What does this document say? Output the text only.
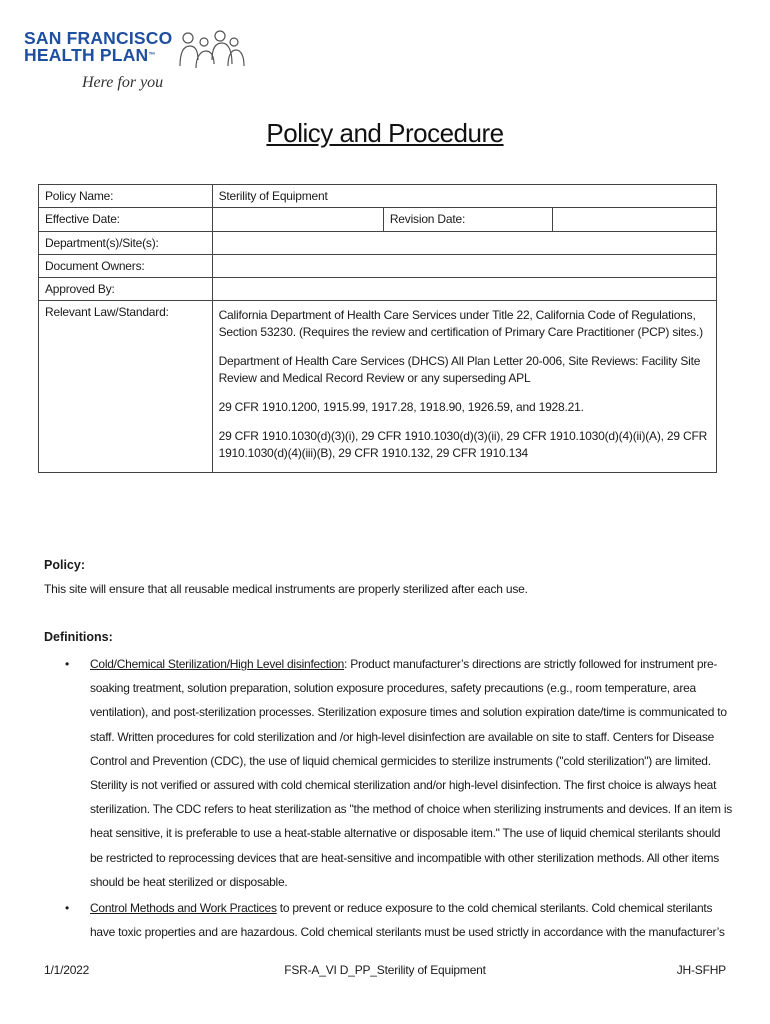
SAN FRANCISCO
HEALTH PLAN™
Here for you
Policy and Procedure
Policy Name:	Sterility of Equipment		
Effective Date:		Revision Date:	
Department(s)/Site(s):			
Document Owners:			
Approved By:			
Relevant Law/Standard:	California Department of Health Care Services under Title 22, California Code of Regulations, Section 53230. (Requires the review and certification of Primary Care Practitioner (PCP) sites.)

Department of Health Care Services (DHCS) All Plan Letter 20-006, Site Reviews: Facility Site Review and Medical Record Review or any superseding APL

29 CFR 1910.1200, 1915.99, 1917.28, 1918.90, 1926.59, and 1928.21.

29 CFR 1910.1030(d)(3)(i), 29 CFR 1910.1030(d)(3)(ii), 29 CFR 1910.1030(d)(4)(ii)(A), 29 CFR 1910.1030(d)(4)(iii)(B), 29 CFR 1910.132, 29 CFR 1910.134		

Policy:
This site will ensure that all reusable medical instruments are properly sterilized after each use.
Definitions:
• Cold/Chemical Sterilization/High Level disinfection: Product manufacturer’s directions are strictly followed for instrument pre-soaking treatment, solution preparation, solution exposure procedures, safety precautions (e.g., room temperature, area ventilation), and post-sterilization processes. Sterilization exposure times and solution expiration date/time is communicated to staff. Written procedures for cold sterilization and /or high-level disinfection are available on site to staff. Centers for Disease Control and Prevention (CDC), the use of liquid chemical germicides to sterilize instruments ("cold sterilization") are limited. Sterility is not verified or assured with cold chemical sterilization and/or high-level disinfection. The first choice is always heat sterilization. The CDC refers to heat sterilization as "the method of choice when sterilizing instruments and devices. If an item is heat sensitive, it is preferable to use a heat-stable alternative or disposable item." The use of liquid chemical sterilants should be restricted to reprocessing devices that are heat-sensitive and incompatible with other sterilization methods. All other items should be heat sterilized or disposable.
• Control Methods and Work Practices to prevent or reduce exposure to the cold chemical sterilants. Cold chemical sterilants have toxic properties and are hazardous. Cold chemical sterilants must be used strictly in accordance with the manufacturer’s
1/1/2022	FSR-A_VI D_PP_Sterility of Equipment	JH-SFHP
